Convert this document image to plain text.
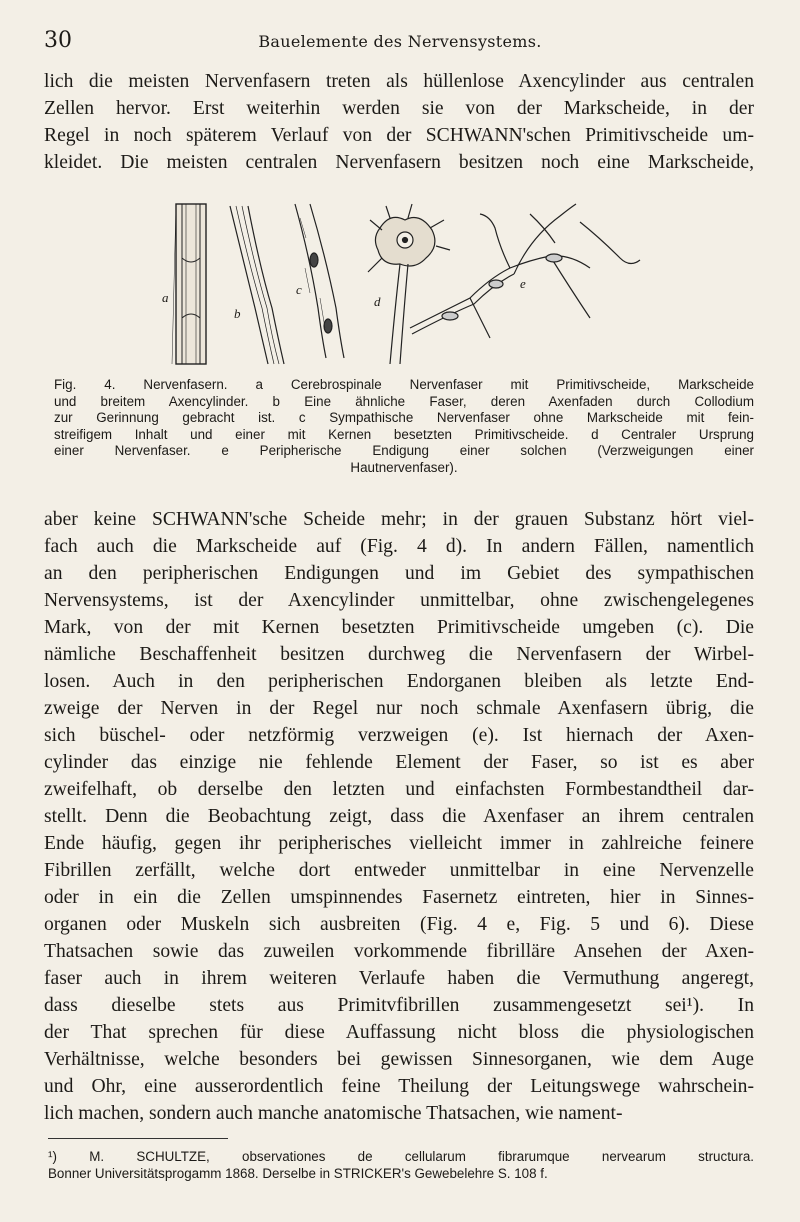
30	Bauelemente des Nervensystems.
lich die meisten Nervenfasern treten als hüllenlose Axencylinder aus centralen
Zellen hervor. Erst weiterhin werden sie von der Markscheide, in der
Regel in noch späterem Verlauf von der SCHWANN'schen Primitivscheide um-
kleidet. Die meisten centralen Nervenfasern besitzen noch eine Markscheide,
a
b
c
d
e
Fig. 4. Nervenfasern. a Cerebrospinale Nervenfaser mit Primitivscheide, Markscheide
und breitem Axencylinder. b Eine ähnliche Faser, deren Axenfaden durch Collodium
zur Gerinnung gebracht ist. c Sympathische Nervenfaser ohne Markscheide mit fein-
streifigem Inhalt und einer mit Kernen besetzten Primitivscheide. d Centraler Ursprung
einer Nervenfaser. e Peripherische Endigung einer solchen (Verzweigungen einer
Hautnervenfaser).
aber keine SCHWANN'sche Scheide mehr; in der grauen Substanz hört viel-
fach auch die Markscheide auf (Fig. 4 d). In andern Fällen, namentlich
an den peripherischen Endigungen und im Gebiet des sympathischen
Nervensystems, ist der Axencylinder unmittelbar, ohne zwischengelegenes
Mark, von der mit Kernen besetzten Primitivscheide umgeben (c). Die
nämliche Beschaffenheit besitzen durchweg die Nervenfasern der Wirbel-
losen. Auch in den peripherischen Endorganen bleiben als letzte End-
zweige der Nerven in der Regel nur noch schmale Axenfasern übrig, die
sich büschel- oder netzförmig verzweigen (e). Ist hiernach der Axen-
cylinder das einzige nie fehlende Element der Faser, so ist es aber
zweifelhaft, ob derselbe den letzten und einfachsten Formbestandtheil dar-
stellt. Denn die Beobachtung zeigt, dass die Axenfaser an ihrem centralen
Ende häufig, gegen ihr peripherisches vielleicht immer in zahlreiche feinere
Fibrillen zerfällt, welche dort entweder unmittelbar in eine Nervenzelle
oder in ein die Zellen umspinnendes Fasernetz eintreten, hier in Sinnes-
organen oder Muskeln sich ausbreiten (Fig. 4 e, Fig. 5 und 6). Diese
Thatsachen sowie das zuweilen vorkommende fibrilläre Ansehen der Axen-
faser auch in ihrem weiteren Verlaufe haben die Vermuthung angeregt,
dass dieselbe stets aus Primitvfibrillen zusammengesetzt sei¹). In
der That sprechen für diese Auffassung nicht bloss die physiologischen
Verhältnisse, welche besonders bei gewissen Sinnesorganen, wie dem Auge
und Ohr, eine ausserordentlich feine Theilung der Leitungswege wahrschein-
lich machen, sondern auch manche anatomische Thatsachen, wie nament-
¹) M. SCHULTZE, observationes de cellularum fibrarumque nervearum structura.
Bonner Universitätsprogamm 1868. Derselbe in STRICKER's Gewebelehre S. 108 f.
